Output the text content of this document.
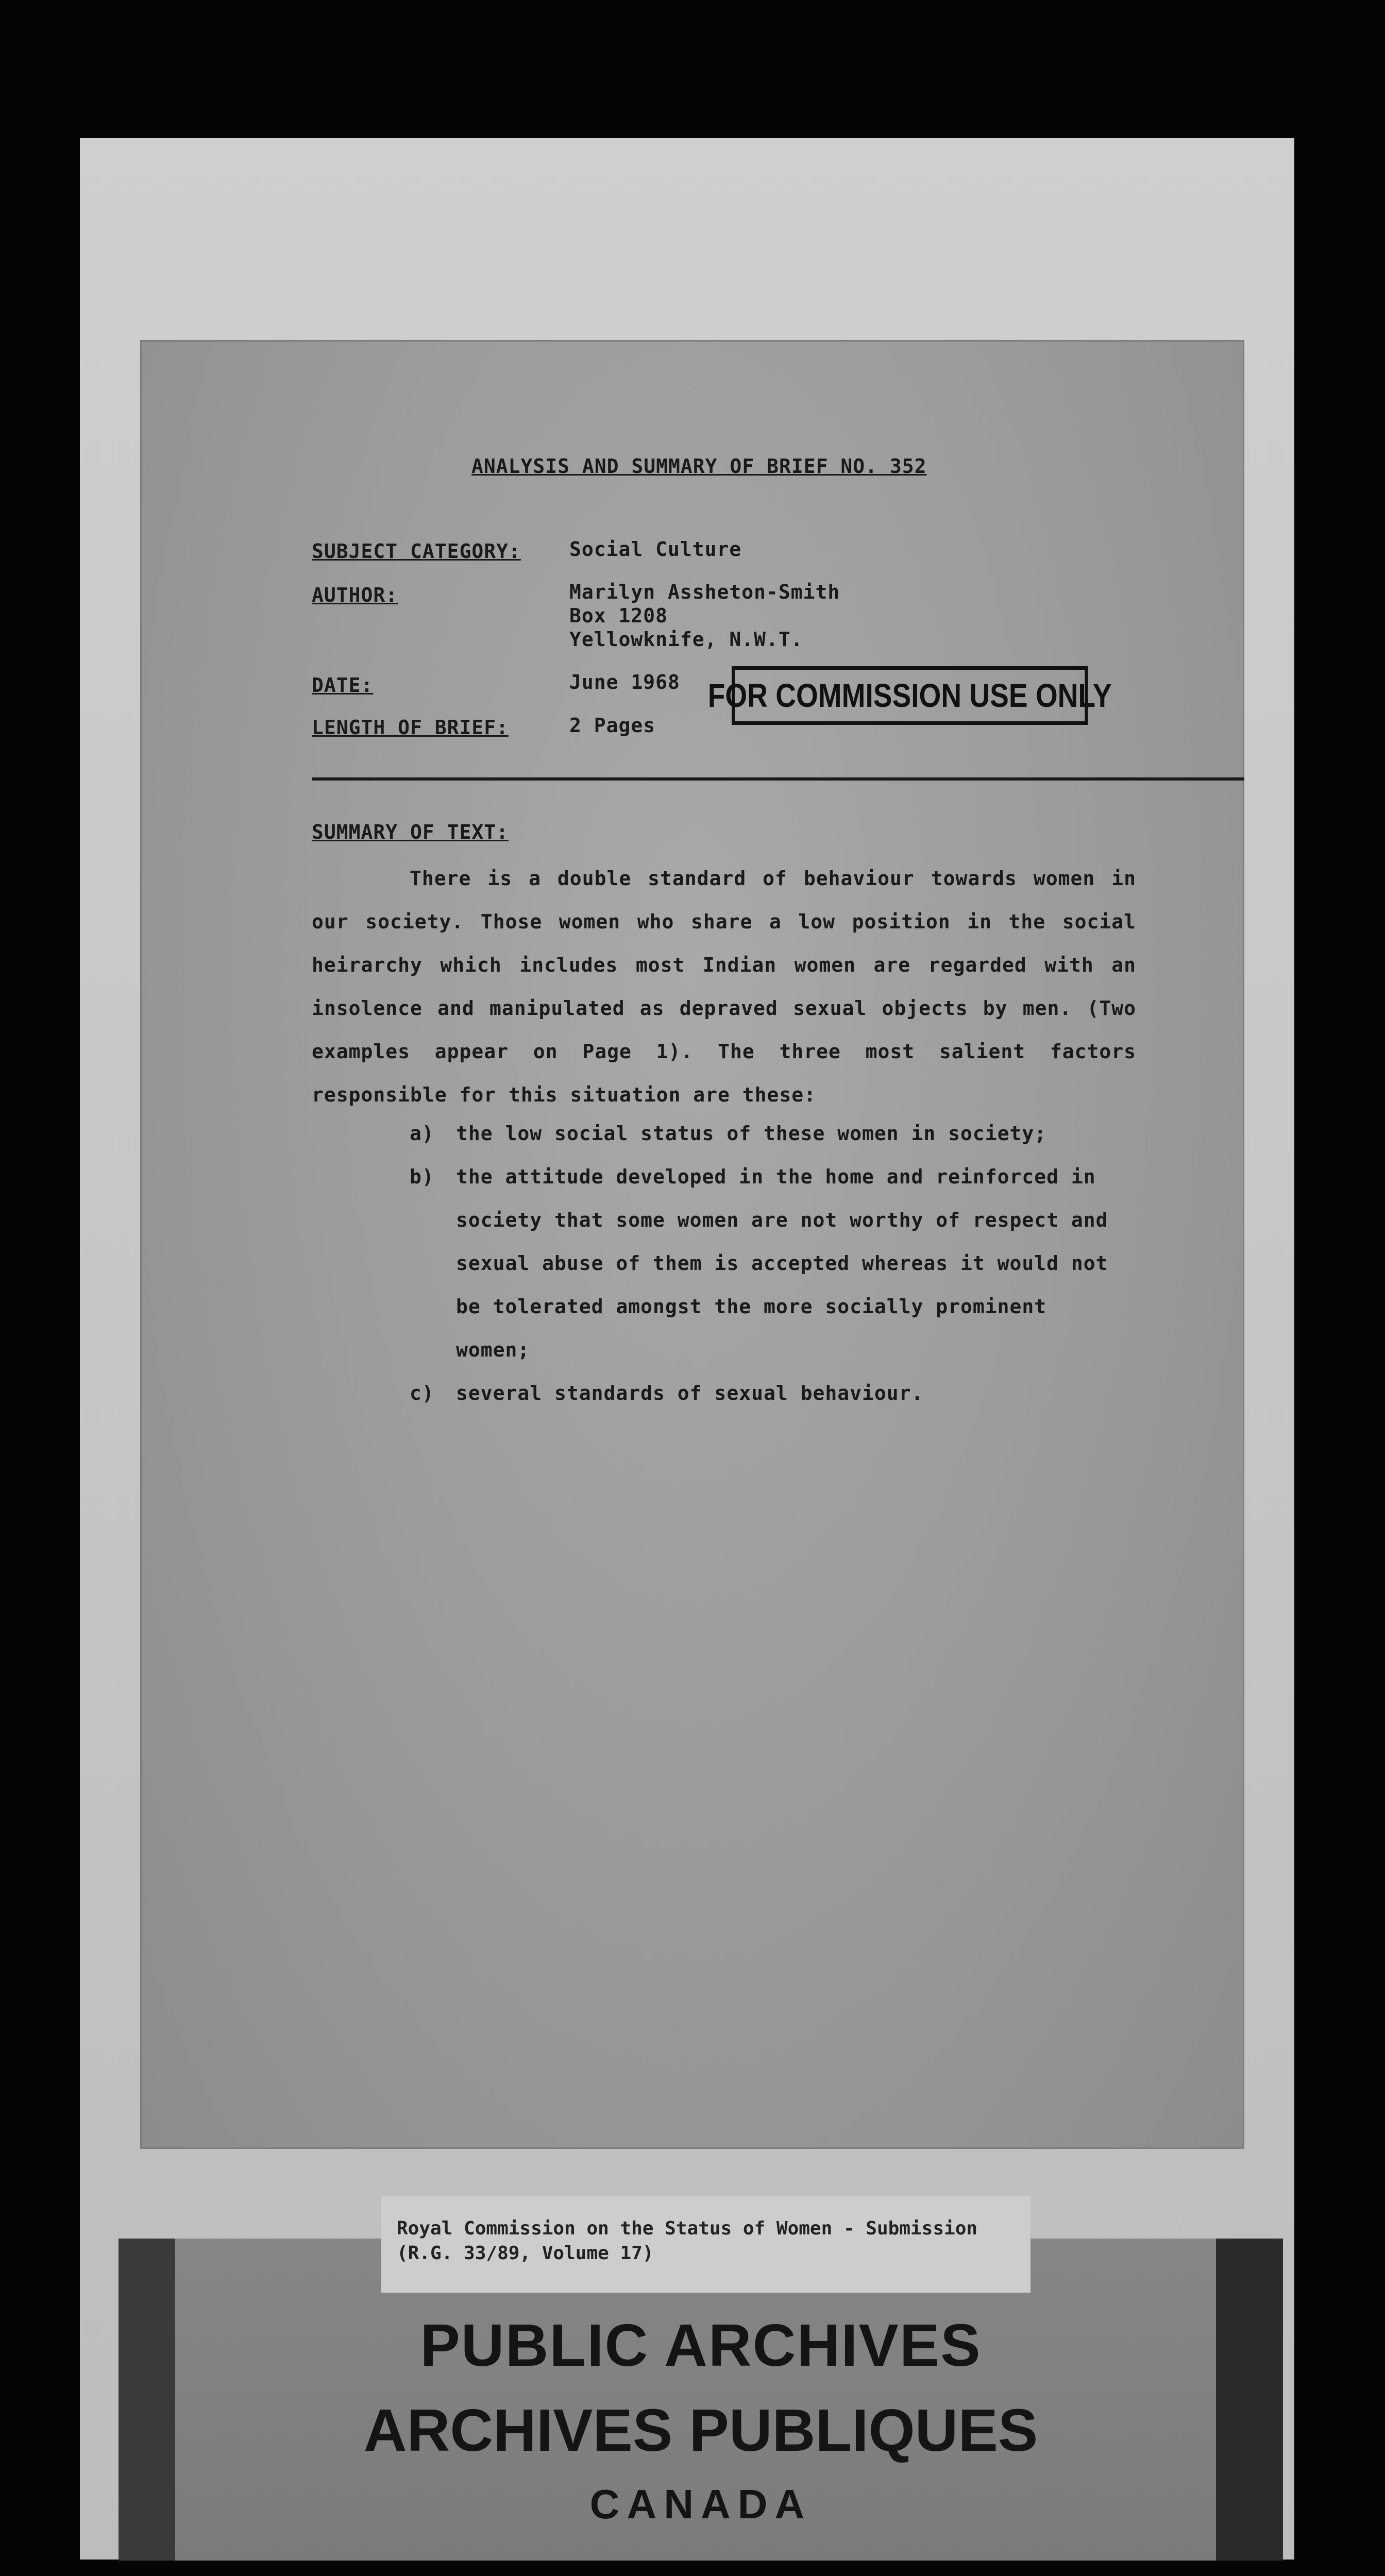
ANALYSIS AND SUMMARY OF BRIEF NO. 352
SUBJECT CATEGORY: Social Culture
AUTHOR:	Marilyn Assheton-Smith
Box 1208
Yellowknife, N.W.T.
DATE:	June 1968
LENGTH OF BRIEF:	2 Pages
FOR COMMISSION USE ONLY
SUMMARY OF TEXT:
There is a double standard of behaviour towards women in our society. Those women who share a low position in the social heirarchy which includes most Indian women are regarded with an insolence and manipulated as depraved sexual objects by men. (Two examples appear on Page 1). The three most salient factors responsible for this situation are these:
a)	the low social status of these women in society;
b)	the attitude developed in the home and reinforced in society that some women are not worthy of respect and sexual abuse of them is accepted whereas it would not be tolerated amongst the more socially prominent women;
c)	several standards of sexual behaviour.
PUBLIC ARCHIVES
ARCHIVES PUBLIQUES
CANADA
Royal Commission on the Status of Women - Submission
(R.G. 33/89, Volume 17)
